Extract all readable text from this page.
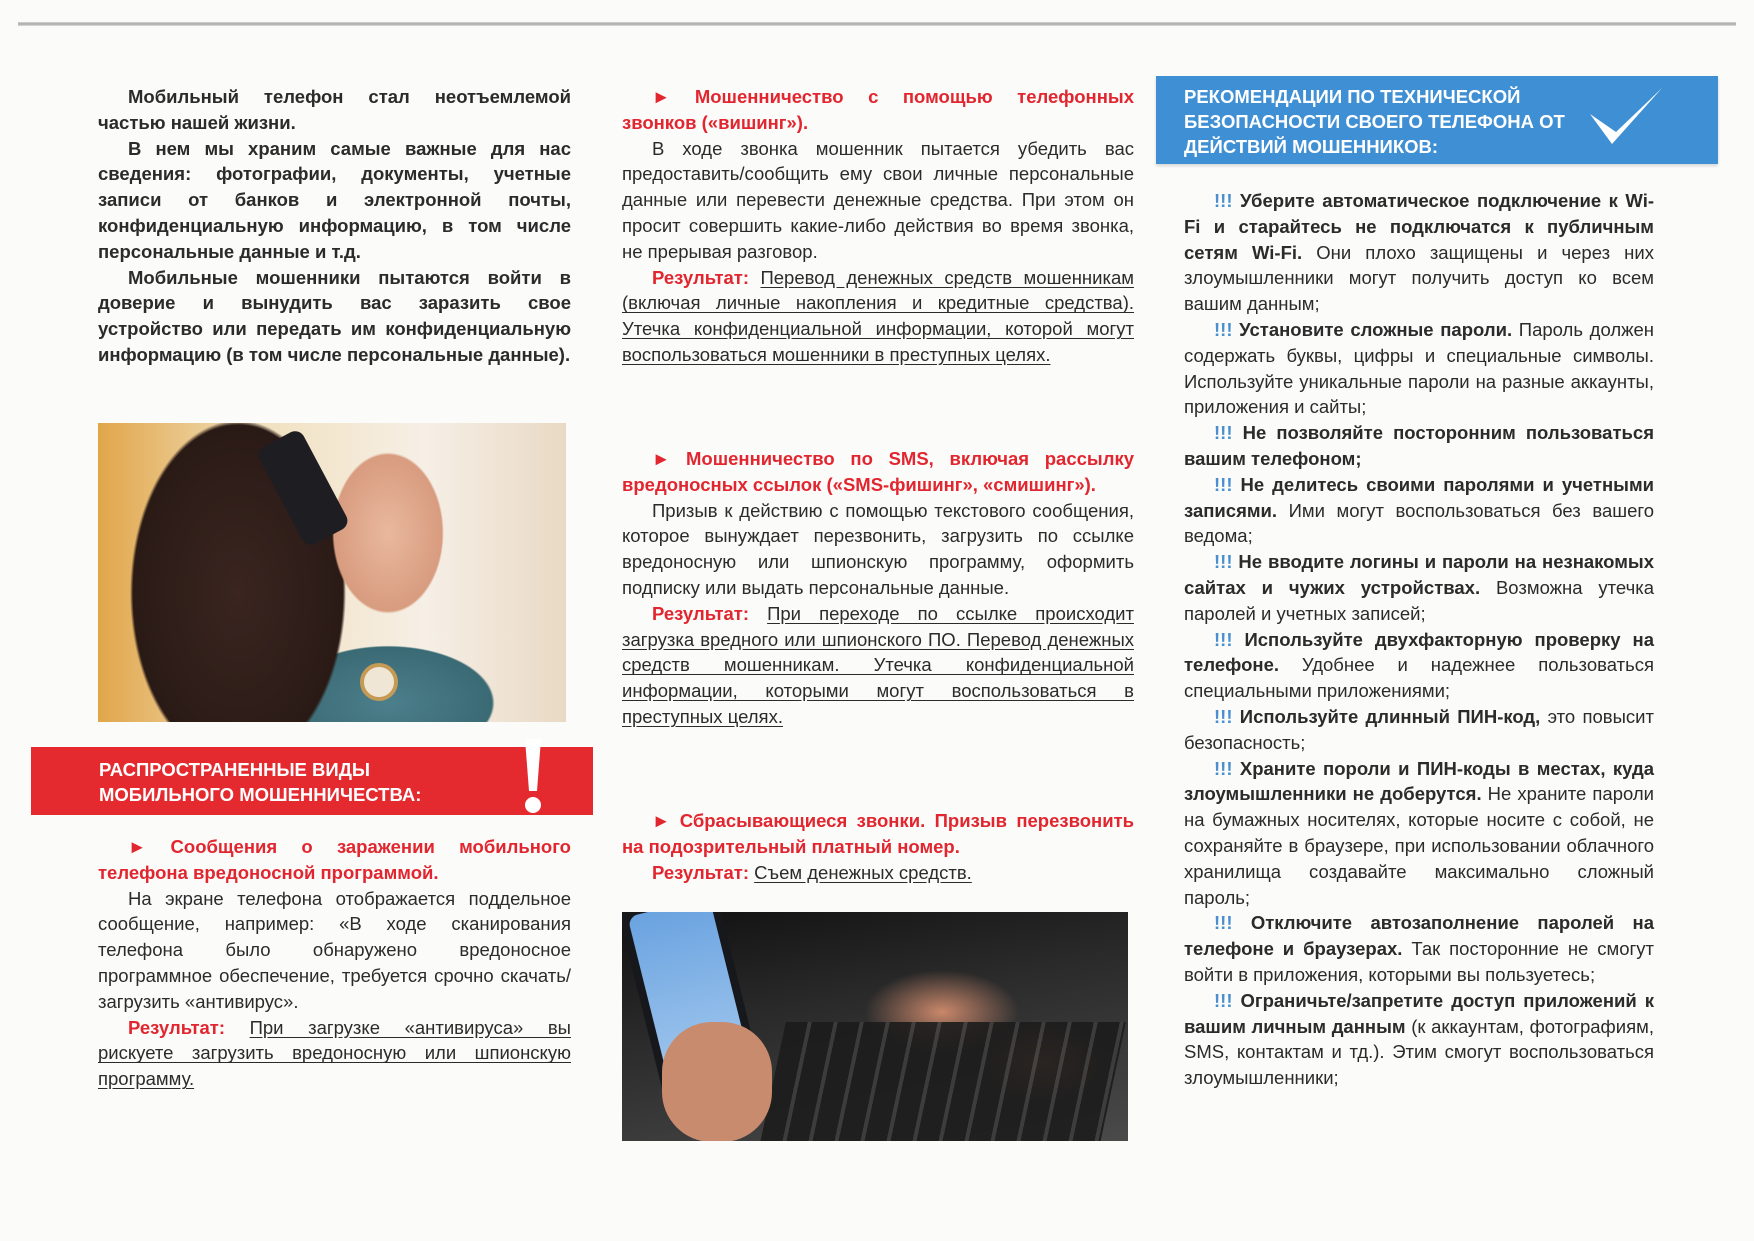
Мобильный телефон стал неотъемлемой частью нашей жизни.

В нем мы храним самые важные для нас сведения: фотографии, документы, учетные записи от банков и электронной почты, конфиденциальную информацию, в том числе персональные данные и т.д.

Мобильные мошенники пытаются войти в доверие и вынудить вас заразить свое устройство или передать им конфиденциальную информацию (в том числе персональные данные).

РАСПРОСТРАНЕННЫЕ ВИДЫ МОБИЛЬНОГО МОШЕННИЧЕСТВА:

► Сообщения о заражении мобильного телефона вредоносной программой.

На экране телефона отображается поддельное сообщение, например: «В ходе сканирования телефона было обнаружено вредоносное программное обеспечение, требуется срочно скачать/загрузить «антивирус».

Результат: При загрузке «антивируса» вы рискуете загрузить вредоносную или шпионскую программу.

► Мошенничество с помощью телефонных звонков («вишинг»).

В ходе звонка мошенник пытается убедить вас предоставить/сообщить ему свои личные персональные данные или перевести денежные средства. При этом он просит совершить какие-либо действия во время звонка, не прерывая разговор.

Результат: Перевод денежных средств мошенникам (включая личные накопления и кредитные средства). Утечка конфиденциальной информации, которой могут воспользоваться мошенники в преступных целях.

► Мошенничество по SMS, включая рассылку вредоносных ссылок («SMS-фишинг», «смишинг»).

Призыв к действию с помощью текстового сообщения, которое вынуждает перезвонить, загрузить по ссылке вредоносную или шпионскую программу, оформить подписку или выдать персональные данные.

Результат: При переходе по ссылке происходит загрузка вредного или шпионского ПО. Перевод денежных средств мошенникам. Утечка конфиденциальной информации, которыми могут воспользоваться в преступных целях.

► Сбрасывающиеся звонки. Призыв перезвонить на подозрительный платный номер.

Результат: Съем денежных средств.

РЕКОМЕНДАЦИИ ПО ТЕХНИЧЕСКОЙ БЕЗОПАСНОСТИ СВОЕГО ТЕЛЕФОНА ОТ ДЕЙСТВИЙ МОШЕННИКОВ:

!!! Уберите автоматическое подключение к Wi-Fi и старайтесь не подключатся к публичным сетям Wi-Fi. Они плохо защищены и через них злоумышленники могут получить доступ ко всем вашим данным;

!!! Установите сложные пароли. Пароль должен содержать буквы, цифры и специальные символы. Используйте уникальные пароли на разные аккаунты, приложения и сайты;

!!! Не позволяйте посторонним пользоваться вашим телефоном;

!!! Не делитесь своими паролями и учетными записями. Ими могут воспользоваться без вашего ведома;

!!! Не вводите логины и пароли на незнакомых сайтах и чужих устройствах. Возможна утечка паролей и учетных записей;

!!! Используйте двухфакторную проверку на телефоне. Удобнее и надежнее пользоваться специальными приложениями;

!!! Используйте длинный ПИН-код, это повысит безопасность;

!!! Храните пороли и ПИН-коды в местах, куда злоумышленники не доберутся. Не храните пароли на бумажных носителях, которые носите с собой, не сохраняйте в браузере, при использовании облачного хранилища создавайте максимально сложный пароль;

!!! Отключите автозаполнение паролей на телефоне и браузерах. Так посторонние не смогут войти в приложения, которыми вы пользуетесь;

!!! Ограничьте/запретите доступ приложений к вашим личным данным (к аккаунтам, фотографиям, SMS, контактам и тд.). Этим смогут воспользоваться злоумышленники;
